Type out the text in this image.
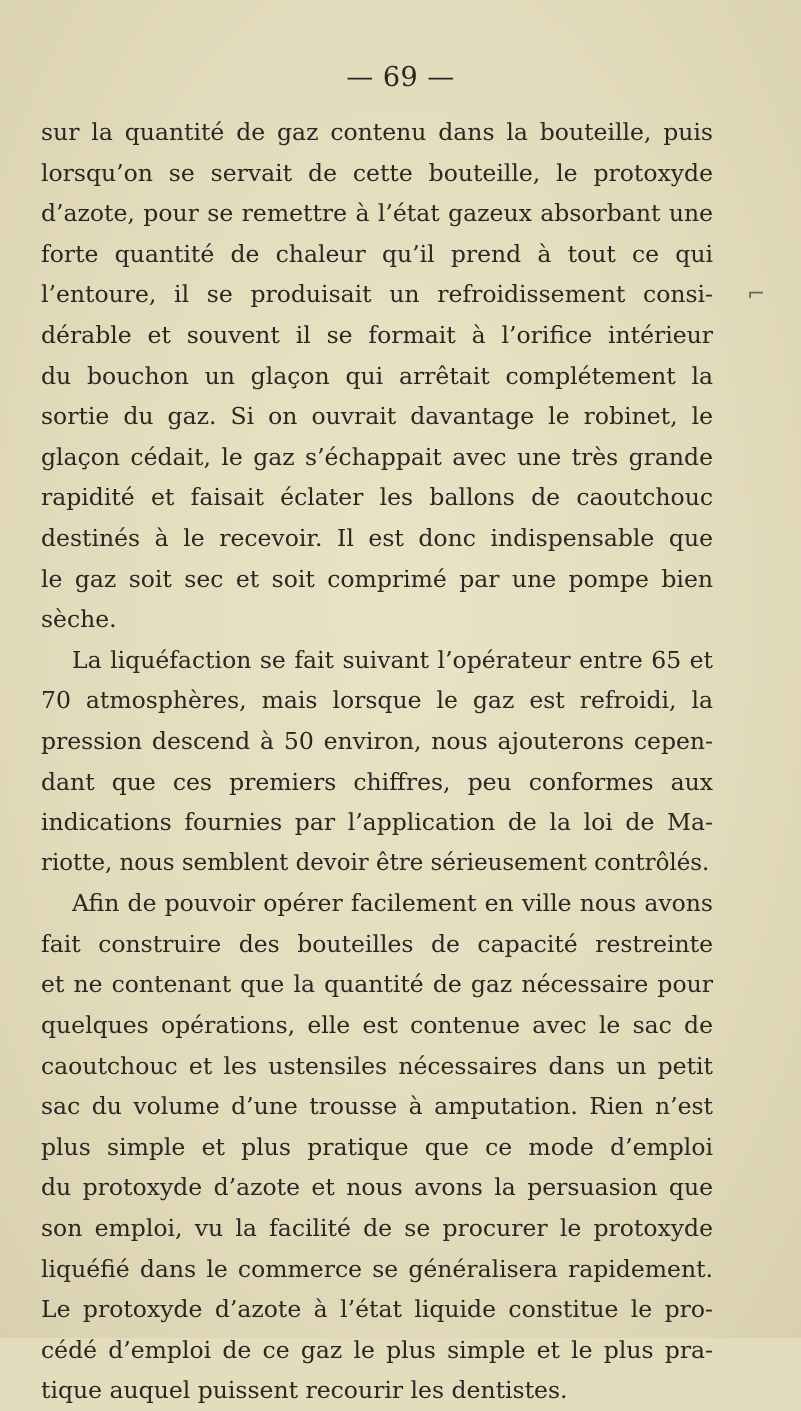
— 69 —
⌐
sur la quantité de gaz contenu dans la bouteille, puis
lorsqu’on se servait de cette bouteille, le protoxyde
d’azote, pour se remettre à l’état gazeux absorbant une
forte quantité de chaleur qu’il prend à tout ce qui
l’entoure, il se produisait un refroidissement consi-
dérable et souvent il se formait à l’orifice intérieur
du bouchon un glaçon qui arrêtait complétement la
sortie du gaz. Si on ouvrait davantage le robinet, le
glaçon cédait, le gaz s’échappait avec une très grande
rapidité et faisait éclater les ballons de caoutchouc
destinés à le recevoir. Il est donc indispensable que
le gaz soit sec et soit comprimé par une pompe bien
sèche.
La liquéfaction se fait suivant l’opérateur entre 65 et
70 atmosphères, mais lorsque le gaz est refroidi, la
pression descend à 50 environ, nous ajouterons cepen-
dant que ces premiers chiffres, peu conformes aux
indications fournies par l’application de la loi de Ma-
riotte, nous semblent devoir être sérieusement contrôlés.
Afin de pouvoir opérer facilement en ville nous avons
fait construire des bouteilles de capacité restreinte
et ne contenant que la quantité de gaz nécessaire pour
quelques opérations, elle est contenue avec le sac de
caoutchouc et les ustensiles nécessaires dans un petit
sac du volume d’une trousse à amputation. Rien n’est
plus simple et plus pratique que ce mode d’emploi
du protoxyde d’azote et nous avons la persuasion que
son emploi, vu la facilité de se procurer le protoxyde
liquéfié dans le commerce se généralisera rapidement.
Le protoxyde d’azote à l’état liquide constitue le pro-
cédé d’emploi de ce gaz le plus simple et le plus pra-
tique auquel puissent recourir les dentistes.
